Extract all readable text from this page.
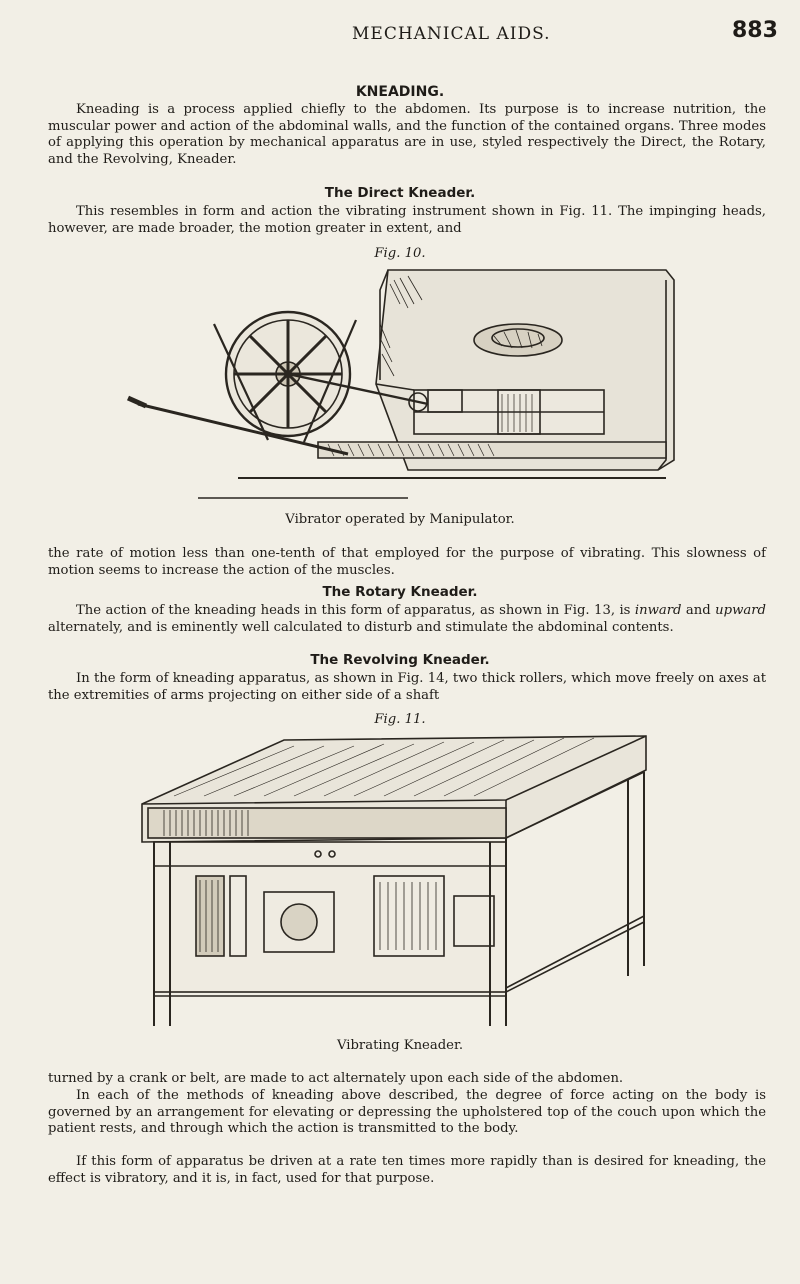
MECHANICAL AIDS.	883
KNEADING.

Kneading is a process applied chiefly to the abdomen. Its purpose is to increase nutrition, the muscular power and action of the abdominal walls, and the function of the contained organs. Three modes of applying this operation by mechanical apparatus are in use, styled respectively the Direct, the Rotary, and the Revolving, Kneader.

The Direct Kneader.

This resembles in form and action the vibrating instrument shown in Fig. 11. The impinging heads, however, are made broader, the motion greater in extent, and

Fig. 10.
Vibrator operated by Manipulator.

the rate of motion less than one-tenth of that employed for the purpose of vibrating. This slowness of motion seems to increase the action of the muscles.

The Rotary Kneader.

The action of the kneading heads in this form of apparatus, as shown in Fig. 13, is inward and upward alternately, and is eminently well calculated to disturb and stimulate the abdominal contents.

The Revolving Kneader.

In the form of kneading apparatus, as shown in Fig. 14, two thick rollers, which move freely on axes at the extremities of arms projecting on either side of a shaft

Fig. 11.
Vibrating Kneader.

turned by a crank or belt, are made to act alternately upon each side of the abdomen.

In each of the methods of kneading above described, the degree of force acting on the body is governed by an arrangement for elevating or depressing the upholstered top of the couch upon which the patient rests, and through which the action is transmitted to the body.

If this form of apparatus be driven at a rate ten times more rapidly than is desired for kneading, the effect is vibratory, and it is, in fact, used for that purpose.
